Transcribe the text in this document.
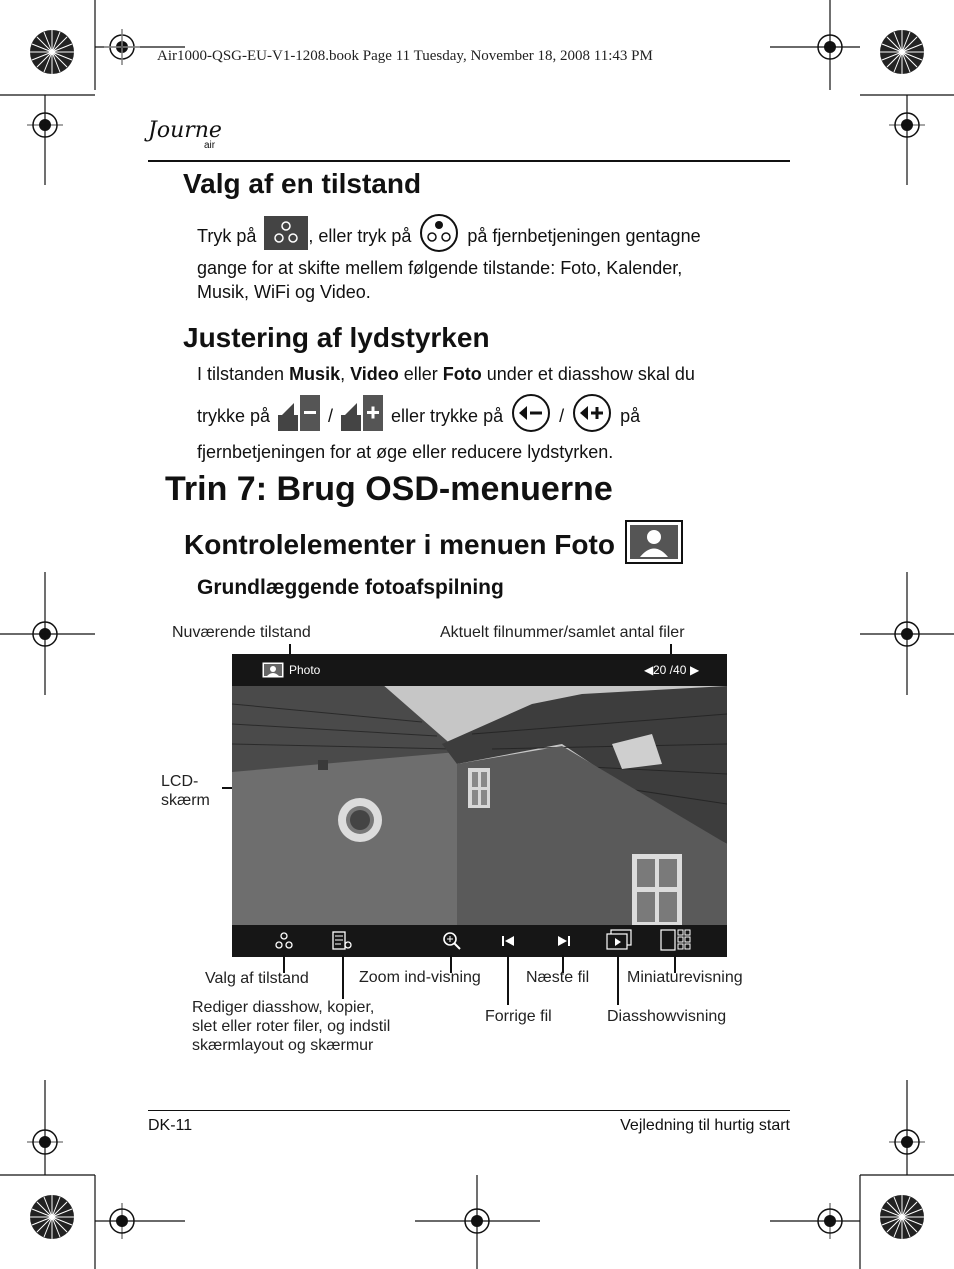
Air1000-QSG-EU-V1-1208.book Page 11 Tuesday, November 18, 2008 11:43 PM
Journe
air
Valg af en tilstand
Tryk på	, eller tryk på	på fjernbetjeningen gentagne
gange for at skifte mellem følgende tilstande: Foto, Kalender,
Musik, WiFi og Video.
Justering af lydstyrken
I tilstanden Musik, Video eller Foto under et diasshow skal du
trykke på	/	eller trykke på	/	på
fjernbetjeningen for at øge eller reducere lydstyrken.
Trin 7: Brug OSD-menuerne
Kontrolelementer i menuen Foto
Grundlæggende fotoafspilning
Nuværende tilstand	Aktuelt filnummer/samlet antal filer
LCD-
skærm
Photo	◀ 20 /40 ▶
Valg af tilstand	Zoom ind-visning	Næste fil Miniaturevisning
Rediger diasshow, kopier,
slet eller roter filer, og indstil
skærmlayout og skærmur
Forrige fil	Diasshowvisning
DK-11	Vejledning til hurtig start
